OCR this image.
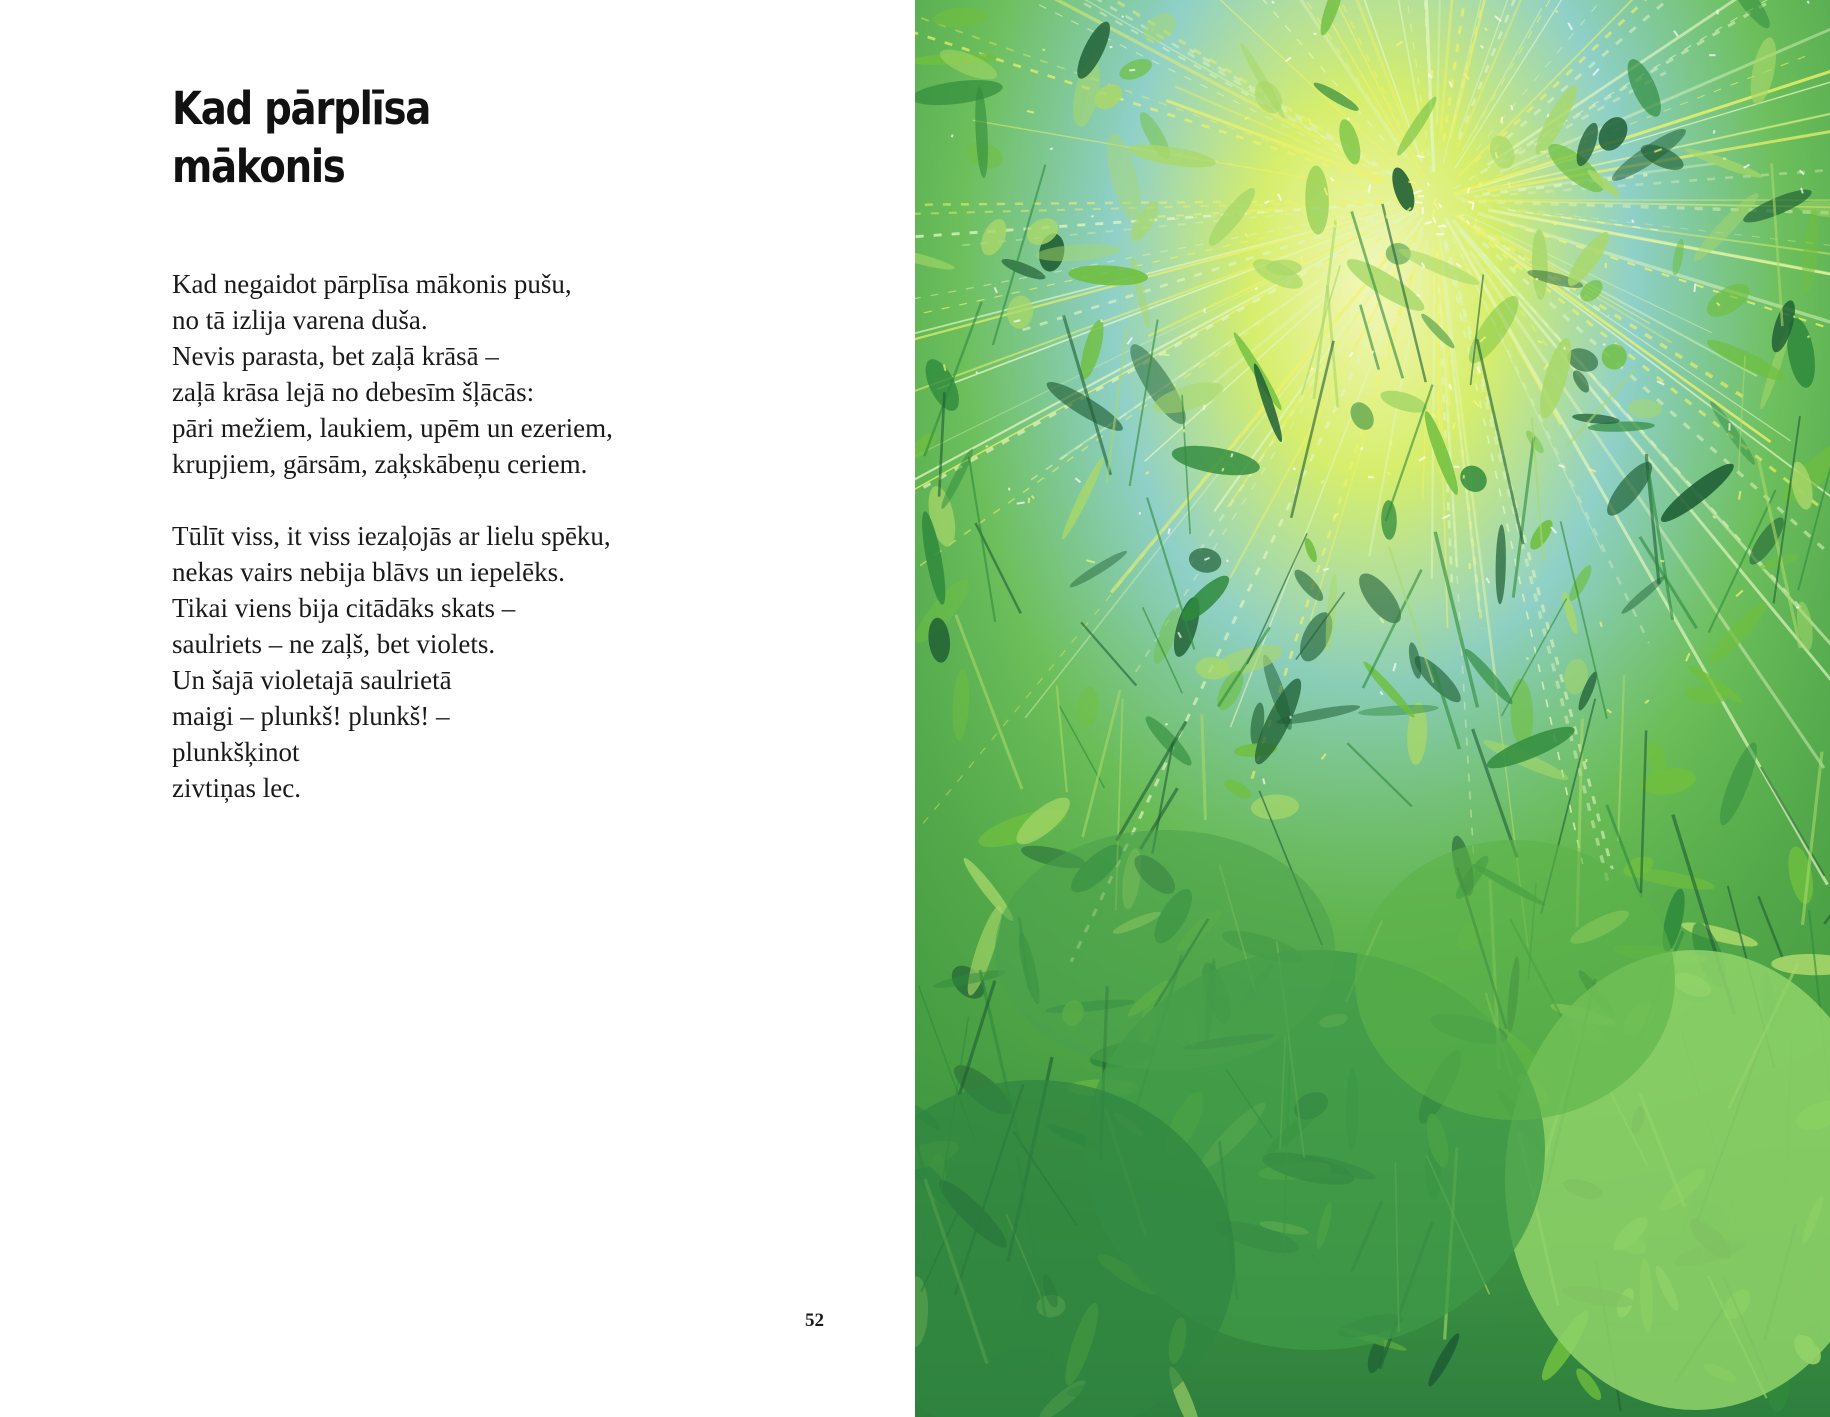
Kad pārplīsa
mākonis

Kad negaidot pārplīsa mākonis pušu,
no tā izlija varena duša.
Nevis parasta, bet zaļā krāsā –
zaļā krāsa lejā no debesīm šļācās:
pāri mežiem, laukiem, upēm un ezeriem,
krupjiem, gārsām, zaķskābeņu ceriem.

Tūlīt viss, it viss iezaļojās ar lielu spēku,
nekas vairs nebija blāvs un iepelēks.
Tikai viens bija citādāks skats –
saulriets – ne zaļš, bet violets.
Un šajā violetajā saulrietā
maigi – plunkš! plunkš! –
plunkšķinot
zivtiņas lec.

52
